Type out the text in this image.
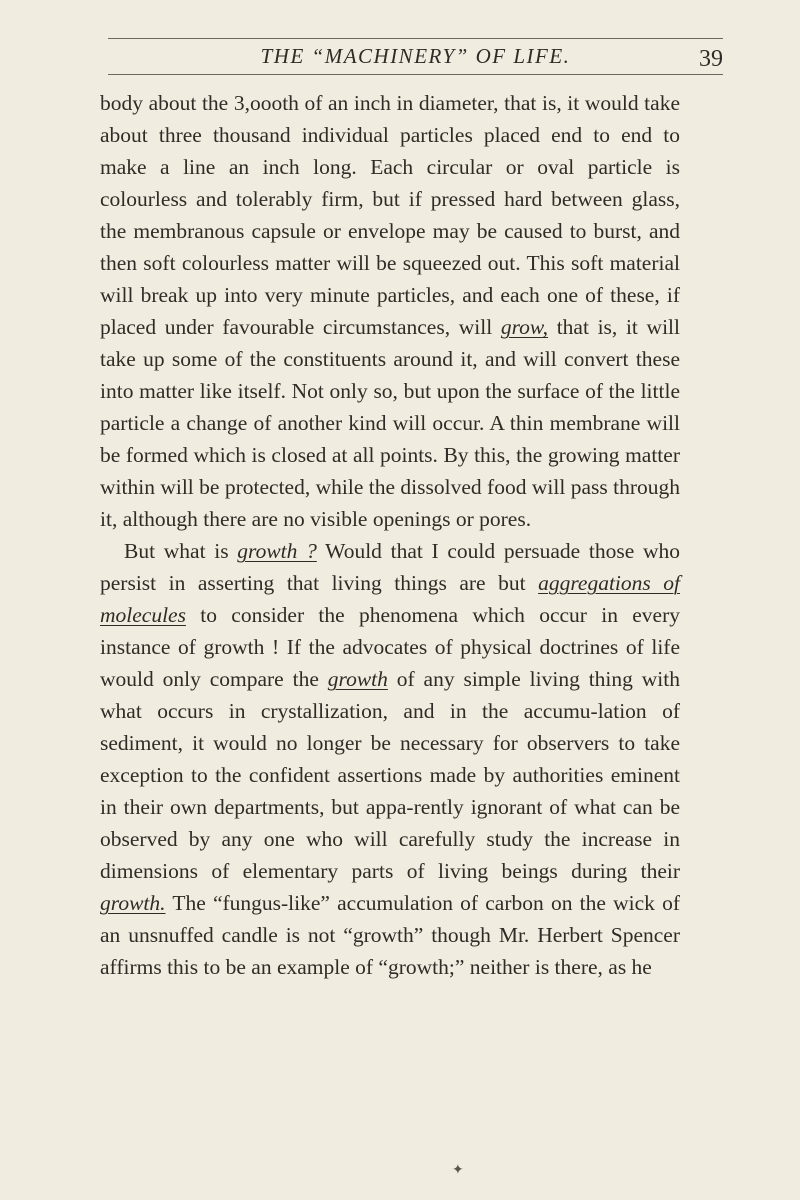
THE “MACHINERY” OF LIFE.	39

body about the 3,oooth of an inch in diameter, that is, it would take about three thousand individual particles placed end to end to make a line an inch long. Each circular or oval particle is colourless and tolerably firm, but if pressed hard between glass, the membranous capsule or envelope may be caused to burst, and then soft colourless matter will be squeezed out. This soft material will break up into very minute particles, and each one of these, if placed under favourable circumstances, will grow, that is, it will take up some of the constituents around it, and will convert these into matter like itself. Not only so, but upon the surface of the little particle a change of another kind will occur. A thin membrane will be formed which is closed at all points. By this, the growing matter within will be protected, while the dissolved food will pass through it, although there are no visible openings or pores.

But what is growth ? Would that I could persuade those who persist in asserting that living things are but aggregations of molecules to consider the phenomena which occur in every instance of growth ! If the advocates of physical doctrines of life would only compare the growth of any simple living thing with what occurs in crystallization, and in the accumu-lation of sediment, it would no longer be necessary for observers to take exception to the confident assertions made by authorities eminent in their own departments, but appa-rently ignorant of what can be observed by any one who will carefully study the increase in dimensions of elementary parts of living beings during their growth. The “fungus-like” accumulation of carbon on the wick of an unsnuffed candle is not “growth” though Mr. Herbert Spencer affirms this to be an example of “growth;” neither is there, as he

✦
